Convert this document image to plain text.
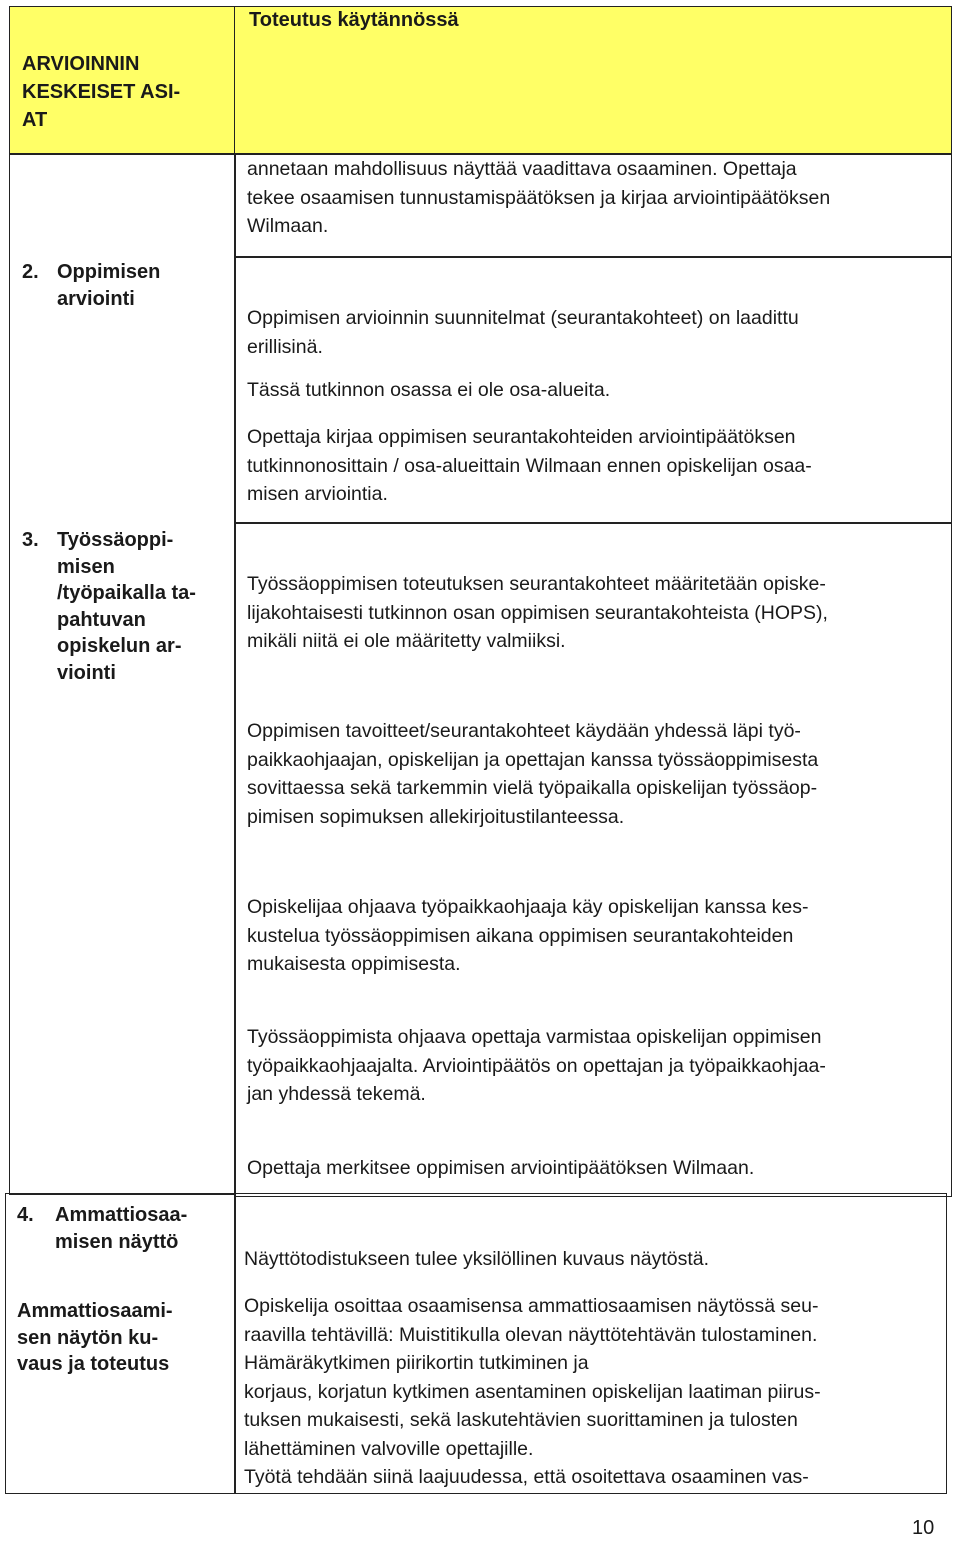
ARVIOINNIN
KESKEISET ASI-
AT
Toteutus käytännössä
annetaan mahdollisuus näyttää vaadittava osaaminen. Opettaja
tekee osaamisen tunnustamispäätöksen ja kirjaa arviointipäätöksen
Wilmaan.
2. Oppimisen
arviointi
Oppimisen arvioinnin suunnitelmat (seurantakohteet) on laadittu
erillisinä.
Tässä tutkinnon osassa ei ole osa-alueita.
Opettaja kirjaa oppimisen seurantakohteiden arviointipäätöksen
tutkinnonosittain / osa-alueittain Wilmaan ennen opiskelijan osaa-
misen arviointia.
3. Työssäoppi-
misen
/työpaikalla ta-
pahtuvan
opiskelun ar-
viointi
Työssäoppimisen toteutuksen seurantakohteet määritetään opiske-
lijakohtaisesti tutkinnon osan oppimisen seurantakohteista (HOPS),
mikäli niitä ei ole määritetty valmiiksi.
Oppimisen tavoitteet/seurantakohteet käydään yhdessä läpi työ-
paikkaohjaajan, opiskelijan ja opettajan kanssa työssäoppimisesta
sovittaessa sekä tarkemmin vielä työpaikalla opiskelijan työssäop-
pimisen sopimuksen allekirjoitustilanteessa.
Opiskelijaa ohjaava työpaikkaohjaaja käy opiskelijan kanssa kes-
kustelua työssäoppimisen aikana oppimisen seurantakohteiden
mukaisesta oppimisesta.
Työssäoppimista ohjaava opettaja varmistaa opiskelijan oppimisen
työpaikkaohjaajalta. Arviointipäätös on opettajan ja työpaikkaohjaa-
jan yhdessä tekemä.
Opettaja merkitsee oppimisen arviointipäätöksen Wilmaan.
4. Ammattiosaa-
misen näyttö
Ammattiosaami-
sen näytön ku-
vaus ja toteutus
Näyttötodistukseen tulee yksilöllinen kuvaus näytöstä.
Opiskelija osoittaa osaamisensa ammattiosaamisen näytössä seu-
raavilla tehtävillä: Muistitikulla olevan näyttötehtävän tulostaminen.
Hämäräkytkimen piirikortin tutkiminen ja
korjaus, korjatun kytkimen asentaminen opiskelijan laatiman piirus-
tuksen mukaisesti, sekä laskutehtävien suorittaminen ja tulosten
lähettäminen valvoville opettajille.
Työtä tehdään siinä laajuudessa, että osoitettava osaaminen vas-
10
